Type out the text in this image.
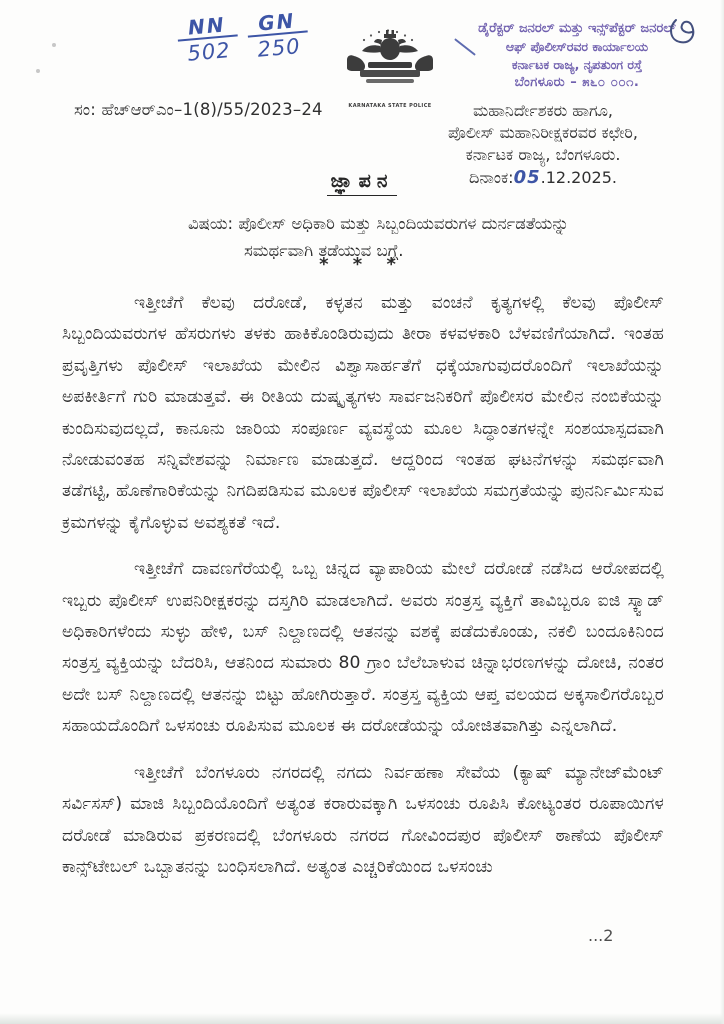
$\frac{NN}{502} \frac{GN}{250}$
KARNATAKA STATE POLICE
ಡೈರೆಕ್ಟರ್ ಜನರಲ್ ಮತ್ತು ಇನ್ಸ್‌ಪೆಕ್ಟರ್ ಜನರಲ್
ಆಫ್ ಪೊಲೀಸ್‌ರವರ ಕಾರ್ಯಾಲಯ
ಕರ್ನಾಟಕ ರಾಜ್ಯ, ನೃಪತುಂಗ ರಸ್ತೆ
ಬೆಂಗಳೂರು – ೫೬೦ ೦೦೧.
ಸಂ: ಹೆಚ್‌ಆರ್‌ಎಂ–1(8)/55/2023–24	ಮಹಾನಿರ್ದೇಶಕರು ಹಾಗೂ,
ಪೊಲೀಸ್ ಮಹಾನಿರೀಕ್ಷಕರವರ ಕಛೇರಿ,
ಕರ್ನಾಟಕ ರಾಜ್ಯ, ಬೆಂಗಳೂರು.
ದಿನಾಂಕ:05.12.2025.
ಜ್ಞಾಪನ
ವಿಷಯ: ಪೊಲೀಸ್ ಅಧಿಕಾರಿ ಮತ್ತು ಸಿಬ್ಬಂದಿಯವರುಗಳ ದುರ್ನಡತೆಯನ್ನು
ಸಮರ್ಥವಾಗಿ ತಡೆಯುವ ಬಗ್ಗೆ.
* * *

ಇತ್ತೀಚೆಗೆ ಕೆಲವು ದರೋಡೆ, ಕಳ್ಳತನ ಮತ್ತು ವಂಚನೆ ಕೃತ್ಯಗಳಲ್ಲಿ ಕೆಲವು ಪೊಲೀಸ್ ಸಿಬ್ಬಂದಿಯವರುಗಳ ಹೆಸರುಗಳು ತಳಕು ಹಾಕಿಕೊಂಡಿರುವುದು ತೀರಾ ಕಳವಳಕಾರಿ ಬೆಳವಣಿಗೆಯಾಗಿದೆ. ಇಂತಹ ಪ್ರವೃತ್ತಿಗಳು ಪೊಲೀಸ್ ಇಲಾಖೆಯ ಮೇಲಿನ ವಿಶ್ವಾಸಾರ್ಹತೆಗೆ ಧಕ್ಕೆಯಾಗುವುದರೊಂದಿಗೆ ಇಲಾಖೆಯನ್ನು ಅಪಕೀರ್ತಿಗೆ ಗುರಿ ಮಾಡುತ್ತವೆ. ಈ ರೀತಿಯ ದುಷ್ಕೃತ್ಯಗಳು ಸಾರ್ವಜನಿಕರಿಗೆ ಪೊಲೀಸರ ಮೇಲಿನ ನಂಬಿಕೆಯನ್ನು ಕುಂದಿಸುವುದಲ್ಲದೆ, ಕಾನೂನು ಜಾರಿಯ ಸಂಪೂರ್ಣ ವ್ಯವಸ್ಥೆಯ ಮೂಲ ಸಿದ್ಧಾಂತಗಳನ್ನೇ ಸಂಶಯಾಸ್ಪದವಾಗಿ ನೋಡುವಂತಹ ಸನ್ನಿವೇಶವನ್ನು ನಿರ್ಮಾಣ ಮಾಡುತ್ತದೆ. ಆದ್ದರಿಂದ ಇಂತಹ ಘಟನೆಗಳನ್ನು ಸಮರ್ಥವಾಗಿ ತಡೆಗಟ್ಟಿ, ಹೊಣೆಗಾರಿಕೆಯನ್ನು ನಿಗದಿಪಡಿಸುವ ಮೂಲಕ ಪೊಲೀಸ್ ಇಲಾಖೆಯ ಸಮಗ್ರತೆಯನ್ನು ಪುನರ್ನಿರ್ಮಿಸುವ ಕ್ರಮಗಳನ್ನು ಕೈಗೊಳ್ಳುವ ಅವಶ್ಯಕತೆ ಇದೆ.

ಇತ್ತೀಚೆಗೆ ದಾವಣಗೆರೆಯಲ್ಲಿ ಒಬ್ಬ ಚಿನ್ನದ ವ್ಯಾಪಾರಿಯ ಮೇಲೆ ದರೋಡೆ ನಡೆಸಿದ ಆರೋಪದಲ್ಲಿ ಇಬ್ಬರು ಪೊಲೀಸ್ ಉಪನಿರೀಕ್ಷಕರನ್ನು ದಸ್ತಗಿರಿ ಮಾಡಲಾಗಿದೆ. ಅವರು ಸಂತ್ರಸ್ತ ವ್ಯಕ್ತಿಗೆ ತಾವಿಬ್ಬರೂ ಐಜಿ ಸ್ಕ್ವಾಡ್ ಅಧಿಕಾರಿಗಳೆಂದು ಸುಳ್ಳು ಹೇಳಿ, ಬಸ್ ನಿಲ್ದಾಣದಲ್ಲಿ ಆತನನ್ನು ವಶಕ್ಕೆ ಪಡೆದುಕೊಂಡು, ನಕಲಿ ಬಂದೂಕಿನಿಂದ ಸಂತ್ರಸ್ತ ವ್ಯಕ್ತಿಯನ್ನು ಬೆದರಿಸಿ, ಆತನಿಂದ ಸುಮಾರು 80 ಗ್ರಾಂ ಬೆಲೆಬಾಳುವ ಚಿನ್ನಾಭರಣಗಳನ್ನು ದೋಚಿ, ನಂತರ ಅದೇ ಬಸ್ ನಿಲ್ದಾಣದಲ್ಲಿ ಆತನನ್ನು ಬಿಟ್ಟು ಹೋಗಿರುತ್ತಾರೆ. ಸಂತ್ರಸ್ತ ವ್ಯಕ್ತಿಯ ಆಪ್ತ ವಲಯದ ಅಕ್ಕಸಾಲಿಗರೊಬ್ಬರ ಸಹಾಯದೊಂದಿಗೆ ಒಳಸಂಚು ರೂಪಿಸುವ ಮೂಲಕ ಈ ದರೋಡೆಯನ್ನು ಯೋಜಿತವಾಗಿತ್ತು ಎನ್ನಲಾಗಿದೆ.

ಇತ್ತೀಚೆಗೆ ಬೆಂಗಳೂರು ನಗರದಲ್ಲಿ ನಗದು ನಿರ್ವಹಣಾ ಸೇವೆಯ (ಕ್ಯಾಷ್ ಮ್ಯಾನೇಜ್‌ಮೆಂಟ್ ಸರ್ವಿಸಸ್) ಮಾಜಿ ಸಿಬ್ಬಂದಿಯೊಂದಿಗೆ ಅತ್ಯಂತ ಕರಾರುವಕ್ಕಾಗಿ ಒಳಸಂಚು ರೂಪಿಸಿ ಕೋಟ್ಯಂತರ ರೂಪಾಯಿಗಳ ದರೋಡೆ ಮಾಡಿರುವ ಪ್ರಕರಣದಲ್ಲಿ ಬೆಂಗಳೂರು ನಗರದ ಗೋವಿಂದಪುರ ಪೊಲೀಸ್ ಠಾಣೆಯ ಪೊಲೀಸ್ ಕಾನ್ಸ್‌ಟೇಬಲ್ ಒಬ್ಬಾತನನ್ನು ಬಂಧಿಸಲಾಗಿದೆ. ಅತ್ಯಂತ ಎಚ್ಚರಿಕೆಯಿಂದ ಒಳಸಂಚು

...2
